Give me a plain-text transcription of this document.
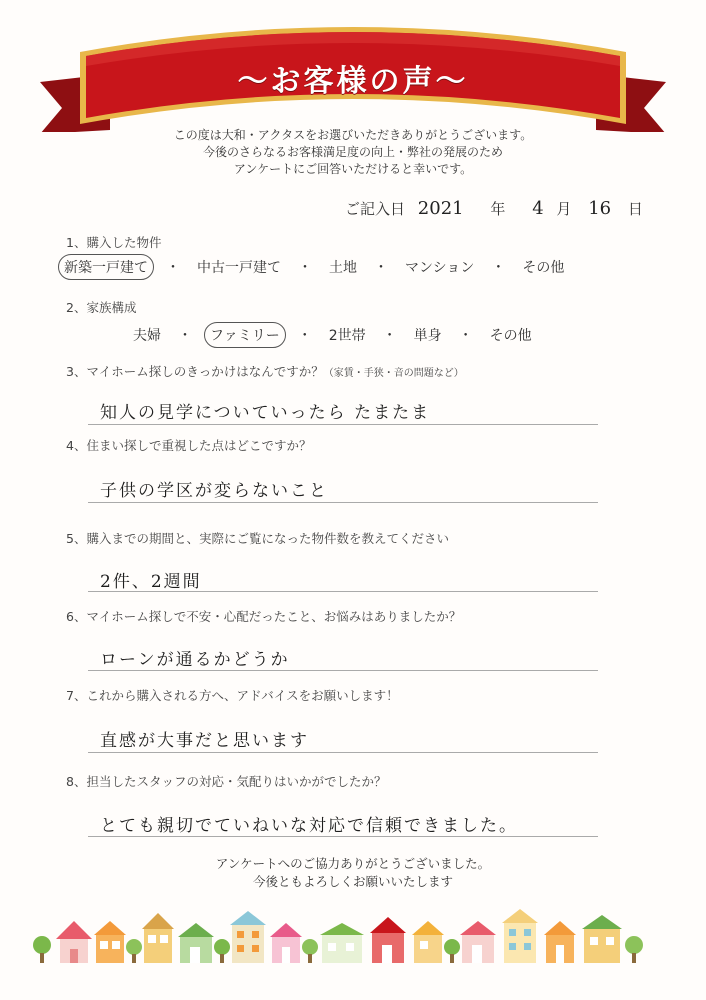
〜お客様の声〜
この度は大和・アクタスをお選びいただきありがとうございます。
今後のさらなるお客様満足度の向上・弊社の発展のため
アンケートにご回答いただけると幸いです。
ご記入日 2021 年 4 月 16 日
1、購入した物件
新築一戸建て ・ 中古一戸建て ・ 土地 ・ マンション ・ その他
2、家族構成
夫婦 ・ ファミリー ・ 2世帯 ・ 単身 ・ その他
3、マイホーム探しのきっかけはなんですか？（家賃・手狭・音の問題など）
知人の見学についていったら たまたま
4、住まい探しで重視した点はどこですか？
子供の学区が変らないこと
5、購入までの期間と、実際にご覧になった物件数を教えてください
2件、2週間
6、マイホーム探しで不安・心配だったこと、お悩みはありましたか？
ローンが通るかどうか
7、これから購入される方へ、アドバイスをお願いします！
直感が大事だと思います
8、担当したスタッフの対応・気配りはいかがでしたか？
とても親切でていねいな対応で信頼できました。
アンケートへのご協力ありがとうございました。
今後ともよろしくお願いいたします
